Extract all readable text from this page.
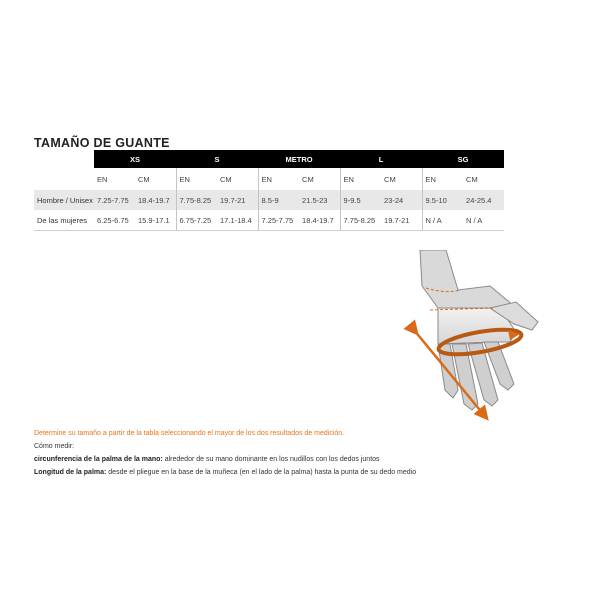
TAMAÑO DE GUANTE
	XS		S		METRO		L		SG	
	EN	CM	EN	CM	EN	CM	EN	CM	EN	CM
Hombre / Unisex	7.25-7.75	18.4-19.7	7.75-8.25	19.7-21	8.5-9	21.5-23	9-9.5	23-24	9.5-10	24-25.4
De las mujeres	6.25-6.75	15.9-17.1	6.75-7.25	17.1-18.4	7.25-7.75	18.4-19.7	7.75-8.25	19.7-21	N / A	N / A
Determine su tamaño a partir de la tabla seleccionando el mayor de los dos resultados de medición.
Cómo medir:
circunferencia de la palma de la mano: alrededor de su mano dominante en los nudillos con los dedos juntos
Longitud de la palma: desde el pliegue en la base de la muñeca (en el lado de la palma) hasta la punta de su dedo medio
